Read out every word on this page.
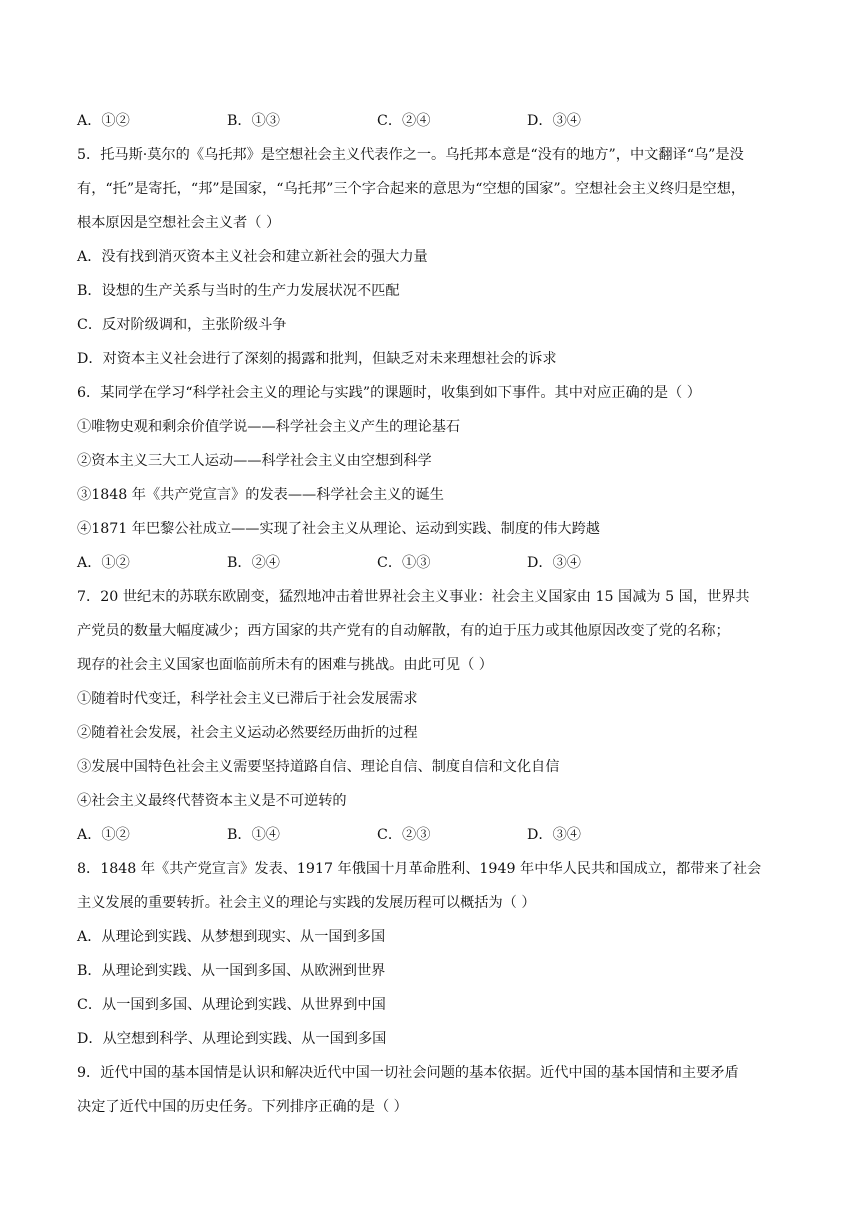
A．①②	B．①③	C．②④	D．③④
5．托马斯·莫尔的《乌托邦》是空想社会主义代表作之一。乌托邦本意是“没有的地方”，中文翻译“乌”是没
有，“托”是寄托，“邦”是国家，“乌托邦”三个字合起来的意思为“空想的国家”。空想社会主义终归是空想，
根本原因是空想社会主义者（ ）
A．没有找到消灭资本主义社会和建立新社会的强大力量
B．设想的生产关系与当时的生产力发展状况不匹配
C．反对阶级调和，主张阶级斗争
D．对资本主义社会进行了深刻的揭露和批判，但缺乏对未来理想社会的诉求
6．某同学在学习“科学社会主义的理论与实践”的课题时，收集到如下事件。其中对应正确的是（ ）
①唯物史观和剩余价值学说——科学社会主义产生的理论基石
②资本主义三大工人运动——科学社会主义由空想到科学
③1848 年《共产党宣言》的发表——科学社会主义的诞生
④1871 年巴黎公社成立——实现了社会主义从理论、运动到实践、制度的伟大跨越
A．①②	B．②④	C．①③	D．③④
7．20 世纪末的苏联东欧剧变，猛烈地冲击着世界社会主义事业：社会主义国家由 15 国减为 5 国，世界共
产党员的数量大幅度减少；西方国家的共产党有的自动解散，有的迫于压力或其他原因改变了党的名称；
现存的社会主义国家也面临前所未有的困难与挑战。由此可见（ ）
①随着时代变迁，科学社会主义已滞后于社会发展需求
②随着社会发展，社会主义运动必然要经历曲折的过程
③发展中国特色社会主义需要坚持道路自信、理论自信、制度自信和文化自信
④社会主义最终代替资本主义是不可逆转的
A．①②	B．①④	C．②③	D．③④
8．1848 年《共产党宣言》发表、1917 年俄国十月革命胜利、1949 年中华人民共和国成立，都带来了社会
主义发展的重要转折。社会主义的理论与实践的发展历程可以概括为（ ）
A．从理论到实践、从梦想到现实、从一国到多国
B．从理论到实践、从一国到多国、从欧洲到世界
C．从一国到多国、从理论到实践、从世界到中国
D．从空想到科学、从理论到实践、从一国到多国
9．近代中国的基本国情是认识和解决近代中国一切社会问题的基本依据。近代中国的基本国情和主要矛盾
决定了近代中国的历史任务。下列排序正确的是（ ）
